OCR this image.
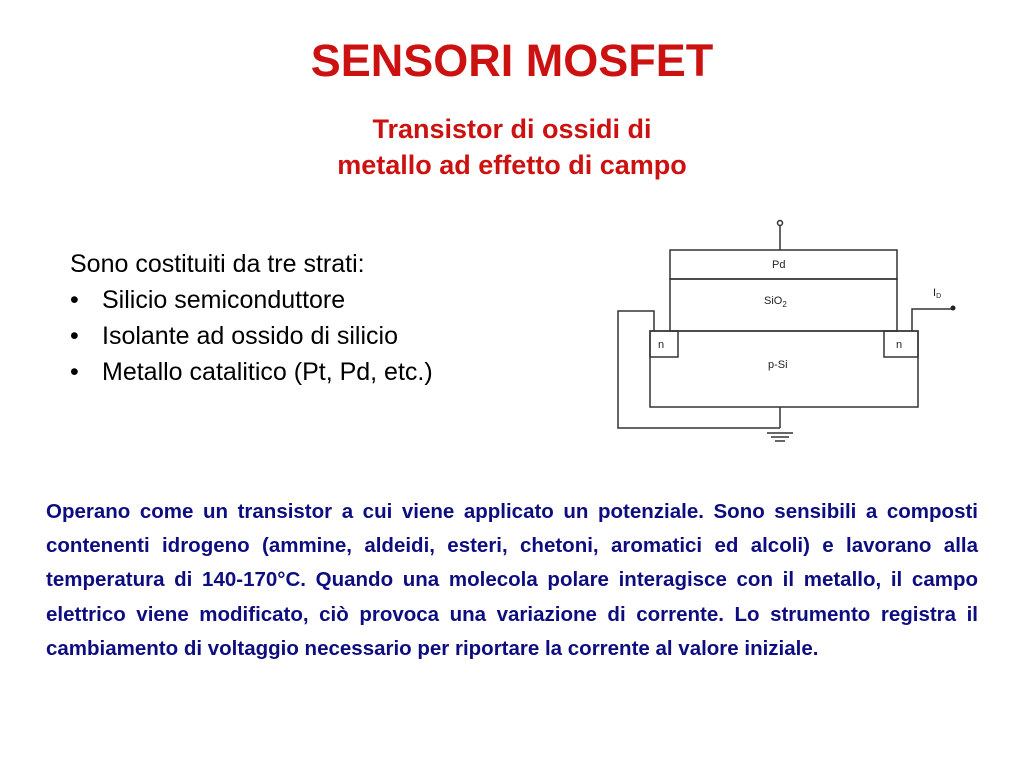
SENSORI MOSFET
Transistor di ossidi di
metallo ad effetto di campo
Sono costituiti da tre strati:
• Silicio semiconduttore
• Isolante ad ossido di silicio
• Metallo catalitico (Pt, Pd, etc.)
Pd
SiO$_2$
n	n
p-Si
ID

Operano come un transistor a cui viene applicato un potenziale. Sono sensibili a composti contenenti idrogeno (ammine, aldeidi, esteri, chetoni, aromatici ed alcoli) e lavorano alla temperatura di 140-170°C. Quando una molecola polare interagisce con il metallo, il campo elettrico viene modificato, ciò provoca una variazione di corrente. Lo strumento registra il cambiamento di voltaggio necessario per riportare la corrente al valore iniziale.
